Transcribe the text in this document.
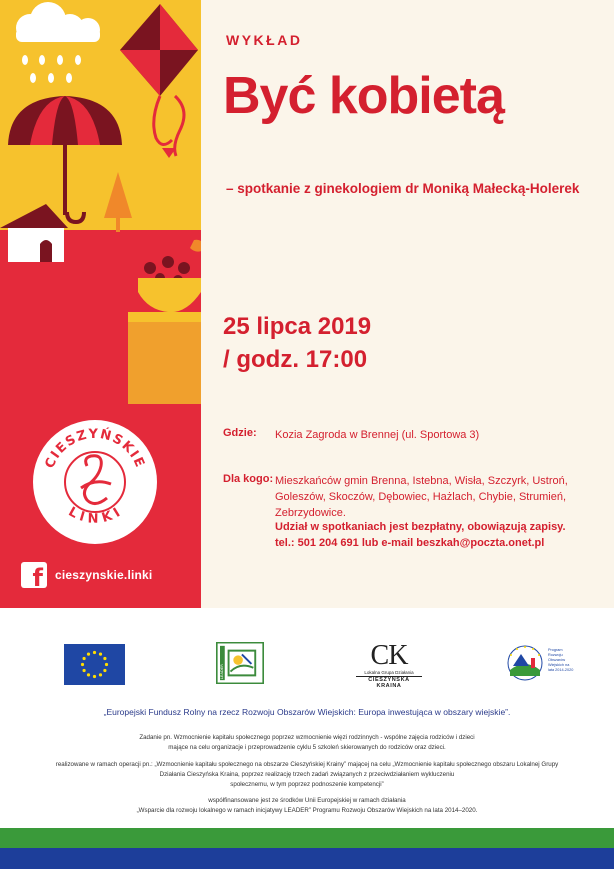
CIESZYŃSKIE
LINKI
f cieszynskie.linki
WYKŁAD
Być kobietą
– spotkanie z ginekologiem dr Moniką Małecką-Holerek
25 lipca 2019
/ godz. 17:00
Gdzie: Kozia Zagroda w Brennej (ul. Sportowa 3)
Dla kogo: Mieszkańców gmin Brenna, Istebna, Wisła, Szczyrk, Ustroń, Goleszów, Skoczów, Dębowiec, Hażlach, Chybie, Strumień, Zebrzydowice.
Udział w spotkaniach jest bezpłatny, obowiązują zapisy.
tel.: 501 204 691 lub e-mail beszkah@poczta.onet.pl
LEADER
CK
Lokalna Grupa Działania
CIESZYŃSKA KRAINA
Program Rozwoju Obszarów Wiejskich na lata 2014-2020
„Europejski Fundusz Rolny na rzecz Rozwoju Obszarów Wiejskich: Europa inwestująca w obszary wiejskie”.
Zadanie pn. Wzmocnienie kapitału społecznego poprzez wzmocnienie więzi rodzinnych - wspólne zajęcia rodziców i dzieci
mające na celu organizacje i przeprowadzenie cyklu 5 szkoleń skierowanych do rodziców oraz dzieci.
realizowane w ramach operacji pn.: „Wzmocnienie kapitału społecznego na obszarze Cieszyńskiej Krainy” mającej na celu „Wzmocnienie kapitału społecznego obszaru Lokalnej Grupy
Działania Cieszyńska Kraina, poprzez realizację trzech zadań związanych z przeciwdziałaniem wykluczeniu
społecznemu, w tym poprzez podnoszenie kompetencji”
współfinansowane jest ze środków Unii Europejskiej w ramach działania
„Wsparcie dla rozwoju lokalnego w ramach inicjatywy LEADER” Programu Rozwoju Obszarów Wiejskich na lata 2014–2020.
